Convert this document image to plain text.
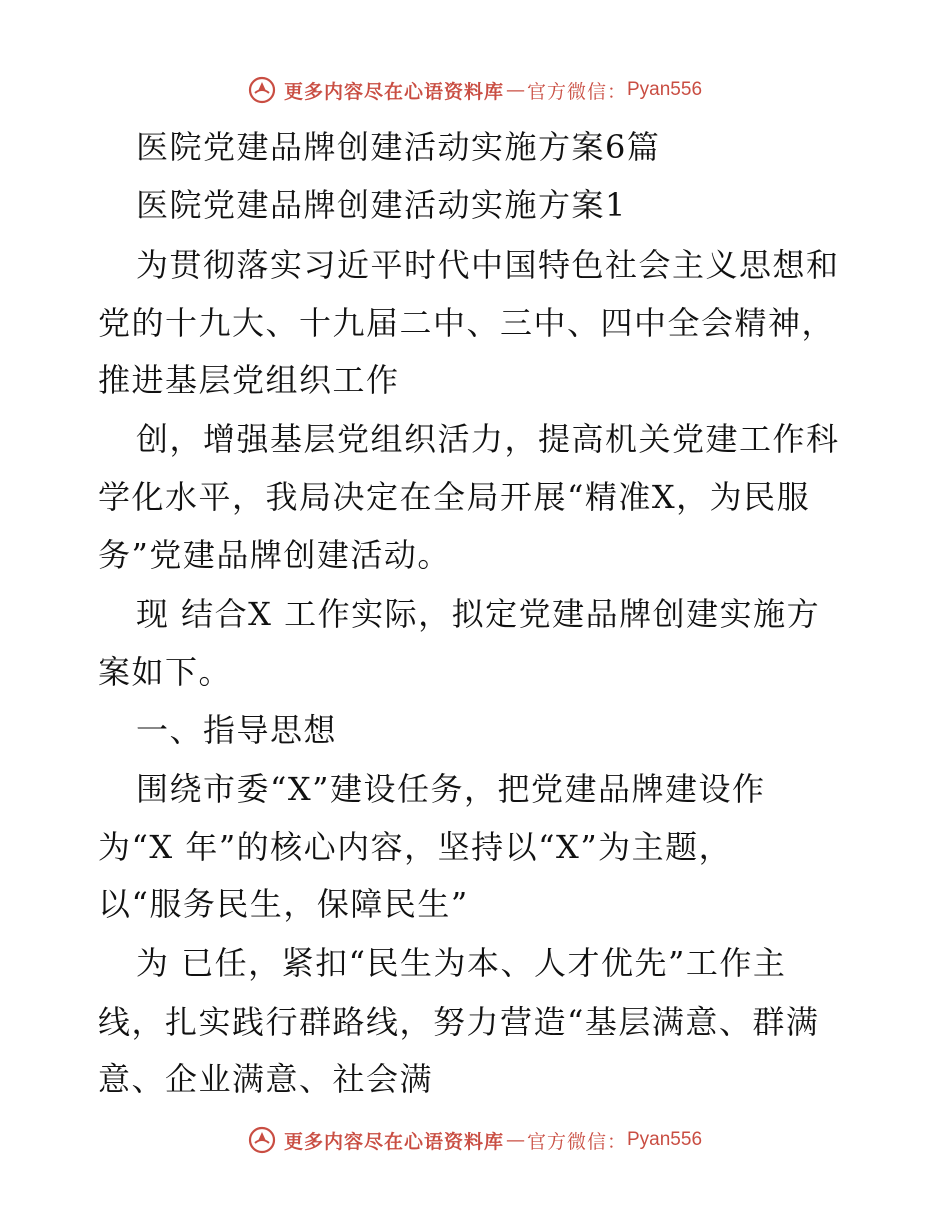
更多内容尽在心语资料库 — 官方微信： Pyan556
医院党建品牌创建活动实施方案6篇
医院党建品牌创建活动实施方案1
为贯彻落实习近平时代中国特色社会主义思想和
党的十九大、十九届二中、三中、四中全会精神，
推进基层党组织工作
创，增强基层党组织活力，提高机关党建工作科
学化水平，我局决定在全局开展“精准X，为民服
务”党建品牌创建活动。
现 结合X 工作实际，拟定党建品牌创建实施方
案如下。
一、指导思想
围绕市委“X”建设任务，把党建品牌建设作
为“X 年”的核心内容，坚持以“X”为主题，
以“服务民生，保障民生”
为 已任，紧扣“民生为本、人才优先”工作主
线，扎实践行群路线，努力营造“基层满意、群满
意、企业满意、社会满
更多内容尽在心语资料库 — 官方微信： Pyan556
